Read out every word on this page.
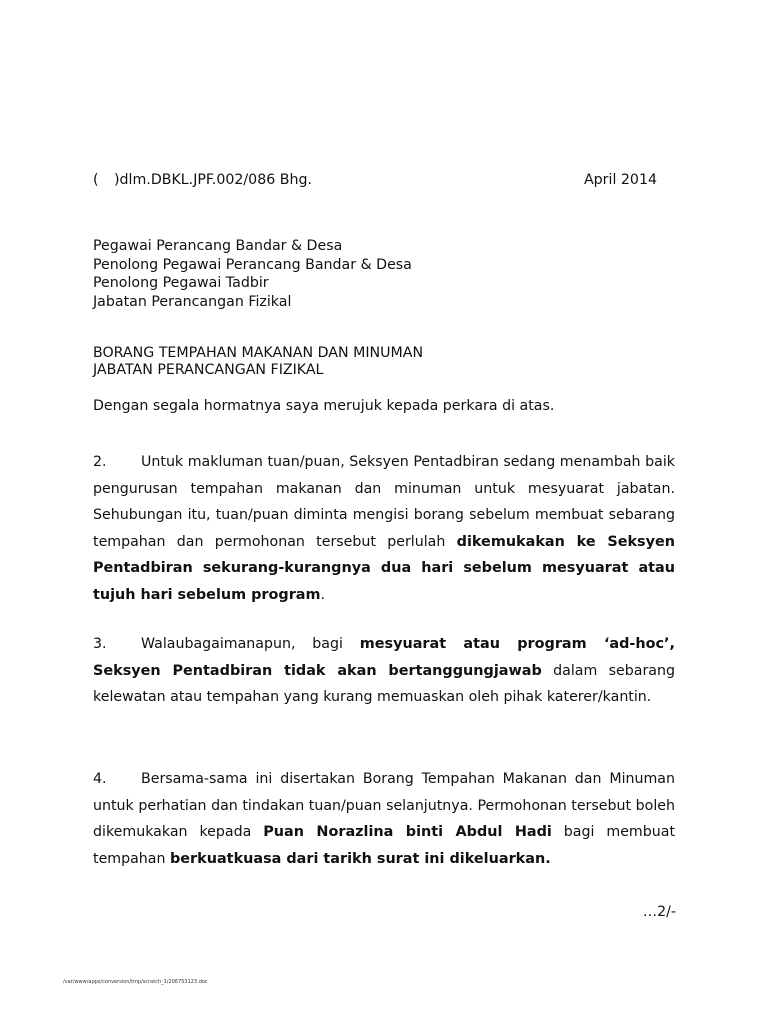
( )dlm.DBKL.JPF.002/086 Bhg.	April 2014
Pegawai Perancang Bandar & Desa
Penolong Pegawai Perancang Bandar & Desa
Penolong Pegawai Tadbir
Jabatan Perancangan Fizikal
BORANG TEMPAHAN MAKANAN DAN MINUMAN
JABATAN PERANCANGAN FIZIKAL
Dengan segala hormatnya saya merujuk kepada perkara di atas.
2. Untuk makluman tuan/puan, Seksyen Pentadbiran sedang menambah baik pengurusan tempahan makanan dan minuman untuk mesyuarat jabatan. Sehubungan itu, tuan/puan diminta mengisi borang sebelum membuat sebarang tempahan dan permohonan tersebut perlulah dikemukakan ke Seksyen Pentadbiran sekurang-kurangnya dua hari sebelum mesyuarat atau tujuh hari sebelum program.
3. Walaubagaimanapun, bagi mesyuarat atau program ‘ad-hoc’, Seksyen Pentadbiran tidak akan bertanggungjawab dalam sebarang kelewatan atau tempahan yang kurang memuaskan oleh pihak katerer/kantin.
4. Bersama-sama ini disertakan Borang Tempahan Makanan dan Minuman untuk perhatian dan tindakan tuan/puan selanjutnya. Permohonan tersebut boleh dikemukakan kepada Puan Norazlina binti Abdul Hadi bagi membuat tempahan berkuatkuasa dari tarikh surat ini dikeluarkan.
…2/-
/var/www/apps/conversion/tmp/scratch_1/206753123.doc
